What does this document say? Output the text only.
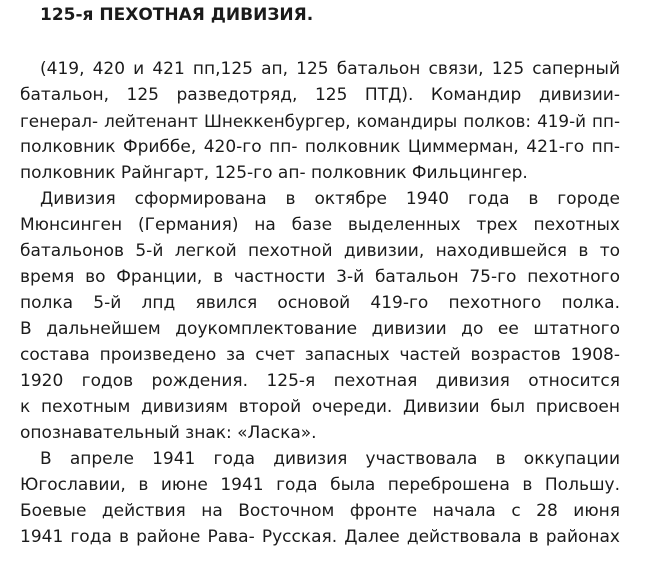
125-я ПЕХОТНАЯ ДИВИЗИЯ.

(419, 420 и 421 пп,125 ап, 125 батальон связи, 125 саперный

батальон, 125 разведотряд, 125 ПТД). Командир дивизии-

генерал- лейтенант Шнеккенбургер, командиры полков: 419-й пп-

полковник Фриббе, 420-го пп- полковник Циммерман, 421-го пп-

полковник Райнгарт, 125-го ап- полковник Фильцингер.

Дивизия сформирована в октябре 1940 года в городе

Мюнсинген (Германия) на базе выделенных трех пехотных

батальонов 5-й легкой пехотной дивизии, находившейся в то

время во Франции, в частности 3-й батальон 75-го пехотного

полка 5-й лпд явился основой 419-го пехотного полка.

В дальнейшем доукомплектование дивизии до ее штатного

состава произведено за счет запасных частей возрастов 1908-

1920 годов рождения. 125-я пехотная дивизия относится

к пехотным дивизиям второй очереди. Дивизии был присвоен

опознавательный знак: «Ласка».

В апреле 1941 года дивизия участвовала в оккупации

Югославии, в июне 1941 года была переброшена в Польшу.

Боевые действия на Восточном фронте начала с 28 июня

1941 года в районе Рава- Русская. Далее действовала в районах
